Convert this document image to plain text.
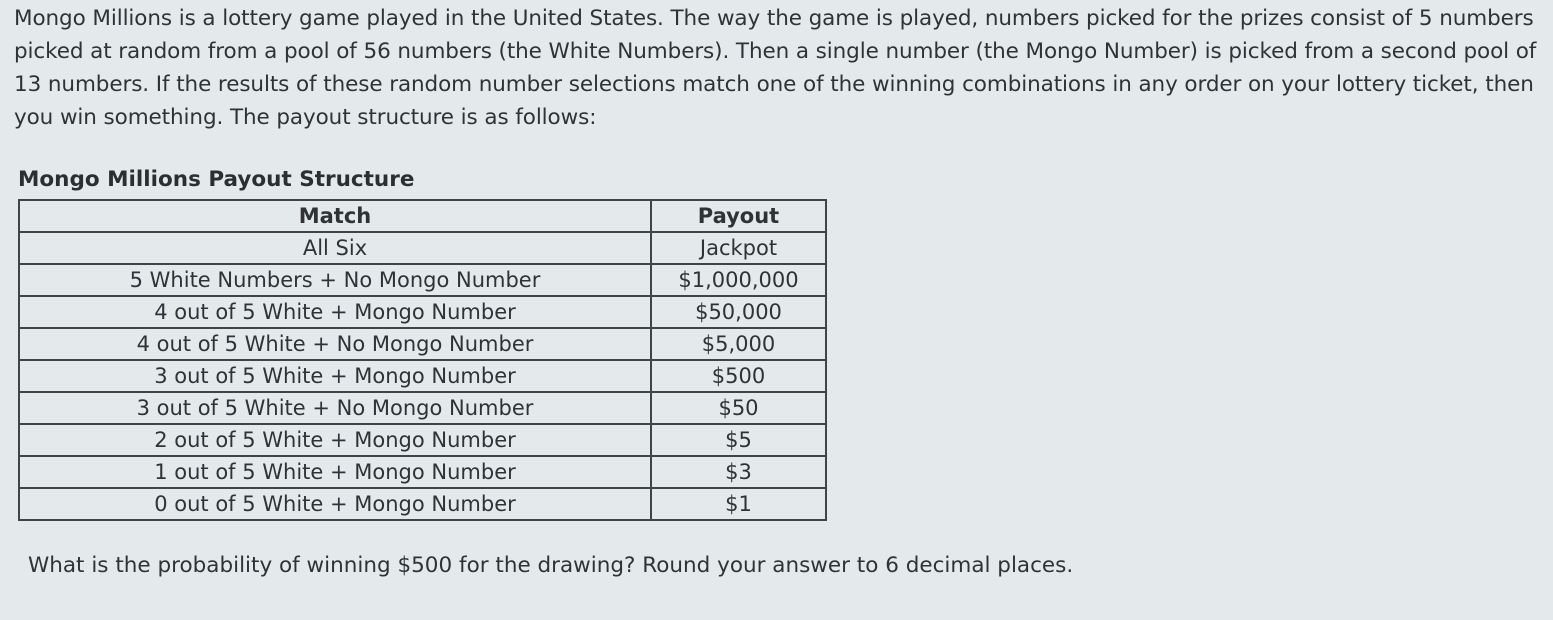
Mongo Millions is a lottery game played in the United States. The way the game is played, numbers picked for the prizes consist of 5 numbers picked at random from a pool of 56 numbers (the White Numbers). Then a single number (the Mongo Number) is picked from a second pool of 13 numbers. If the results of these random number selections match one of the winning combinations in any order on your lottery ticket, then you win something. The payout structure is as follows:

Mongo Millions Payout Structure

Match	Payout
All Six	Jackpot
5 White Numbers + No Mongo Number	$1,000,000
4 out of 5 White + Mongo Number	$50,000
4 out of 5 White + No Mongo Number	$5,000
3 out of 5 White + Mongo Number	$500
3 out of 5 White + No Mongo Number	$50
2 out of 5 White + Mongo Number	$5
1 out of 5 White + Mongo Number	$3
0 out of 5 White + Mongo Number	$1

What is the probability of winning $500 for the drawing? Round your answer to 6 decimal places.
